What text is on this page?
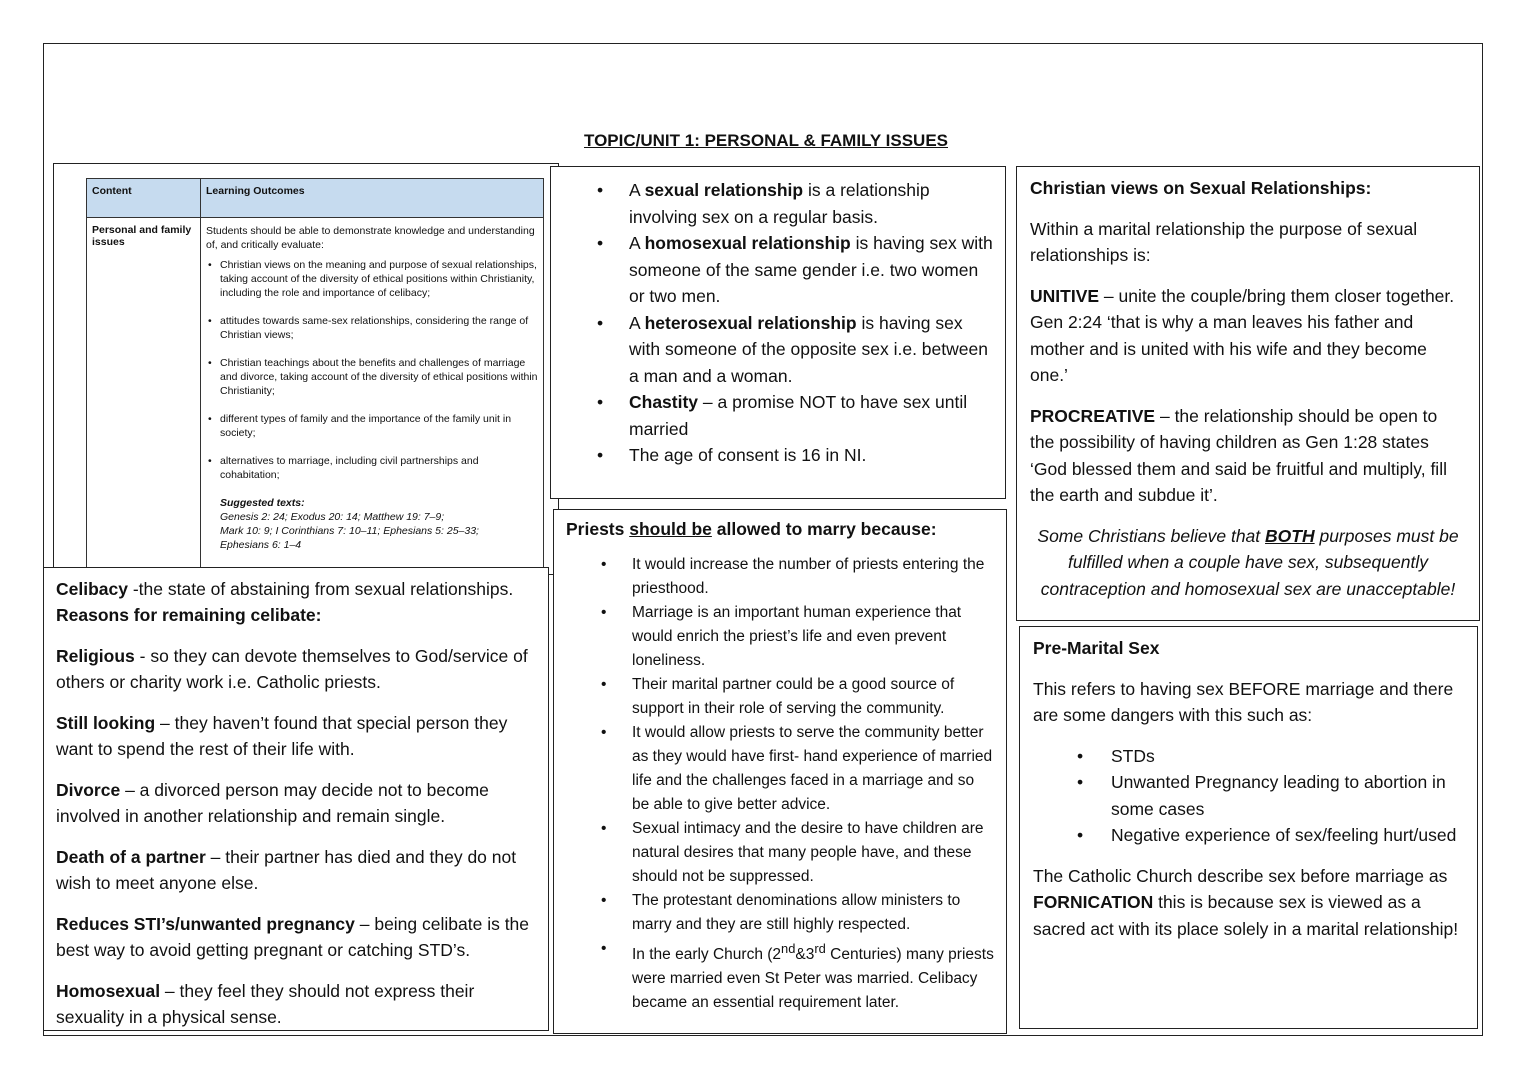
TOPIC/UNIT 1: PERSONAL & FAMILY ISSUES
Content	Learning Outcomes
Personal and family issues
Students should be able to demonstrate knowledge and understanding of, and critically evaluate:
• Christian views on the meaning and purpose of sexual relationships, taking account of the diversity of ethical positions within Christianity, including the role and importance of celibacy;
• attitudes towards same-sex relationships, considering the range of Christian views;
• Christian teachings about the benefits and challenges of marriage and divorce, taking account of the diversity of ethical positions within Christianity;
• different types of family and the importance of the family unit in society;
• alternatives to marriage, including civil partnerships and cohabitation;
Suggested texts:
Genesis 2: 24; Exodus 20: 14; Matthew 19: 7–9;
Mark 10: 9; I Corinthians 7: 10–11; Ephesians 5: 25–33;
Ephesians 6: 1–4

Celibacy -the state of abstaining from sexual relationships.
Reasons for remaining celibate:

Religious - so they can devote themselves to God/service of others or charity work i.e. Catholic priests.

Still looking – they haven’t found that special person they want to spend the rest of their life with.

Divorce – a divorced person may decide not to become involved in another relationship and remain single.

Death of a partner – their partner has died and they do not wish to meet anyone else.

Reduces STI’s/unwanted pregnancy – being celibate is the best way to avoid getting pregnant or catching STD’s.

Homosexual – they feel they should not express their sexuality in a physical sense.

• A sexual relationship is a relationship involving sex on a regular basis.
• A homosexual relationship is having sex with someone of the same gender i.e. two women or two men.
• A heterosexual relationship is having sex with someone of the opposite sex i.e. between a man and a woman.
• Chastity – a promise NOT to have sex until married
• The age of consent is 16 in NI.
Priests should be allowed to marry because:
• It would increase the number of priests entering the priesthood.
• Marriage is an important human experience that would enrich the priest’s life and even prevent loneliness.
• Their marital partner could be a good source of support in their role of serving the community.
• It would allow priests to serve the community better as they would have first- hand experience of married life and the challenges faced in a marriage and so be able to give better advice.
• Sexual intimacy and the desire to have children are natural desires that many people have, and these should not be suppressed.
• The protestant denominations allow ministers to marry and they are still highly respected.
• In the early Church (2nd&3rd Centuries) many priests were married even St Peter was married. Celibacy became an essential requirement later.

Christian views on Sexual Relationships:

Within a marital relationship the purpose of sexual relationships is:

UNITIVE – unite the couple/bring them closer together. Gen 2:24 ‘that is why a man leaves his father and mother and is united with his wife and they become one.’

PROCREATIVE – the relationship should be open to the possibility of having children as Gen 1:28 states ‘God blessed them and said be fruitful and multiply, fill the earth and subdue it’.

Some Christians believe that BOTH purposes must be fulfilled when a couple have sex, subsequently contraception and homosexual sex are unacceptable!

Pre-Marital Sex

This refers to having sex BEFORE marriage and there are some dangers with this such as:

• STDs
• Unwanted Pregnancy leading to abortion in some cases
• Negative experience of sex/feeling hurt/used

The Catholic Church describe sex before marriage as FORNICATION this is because sex is viewed as a sacred act with its place solely in a marital relationship!
